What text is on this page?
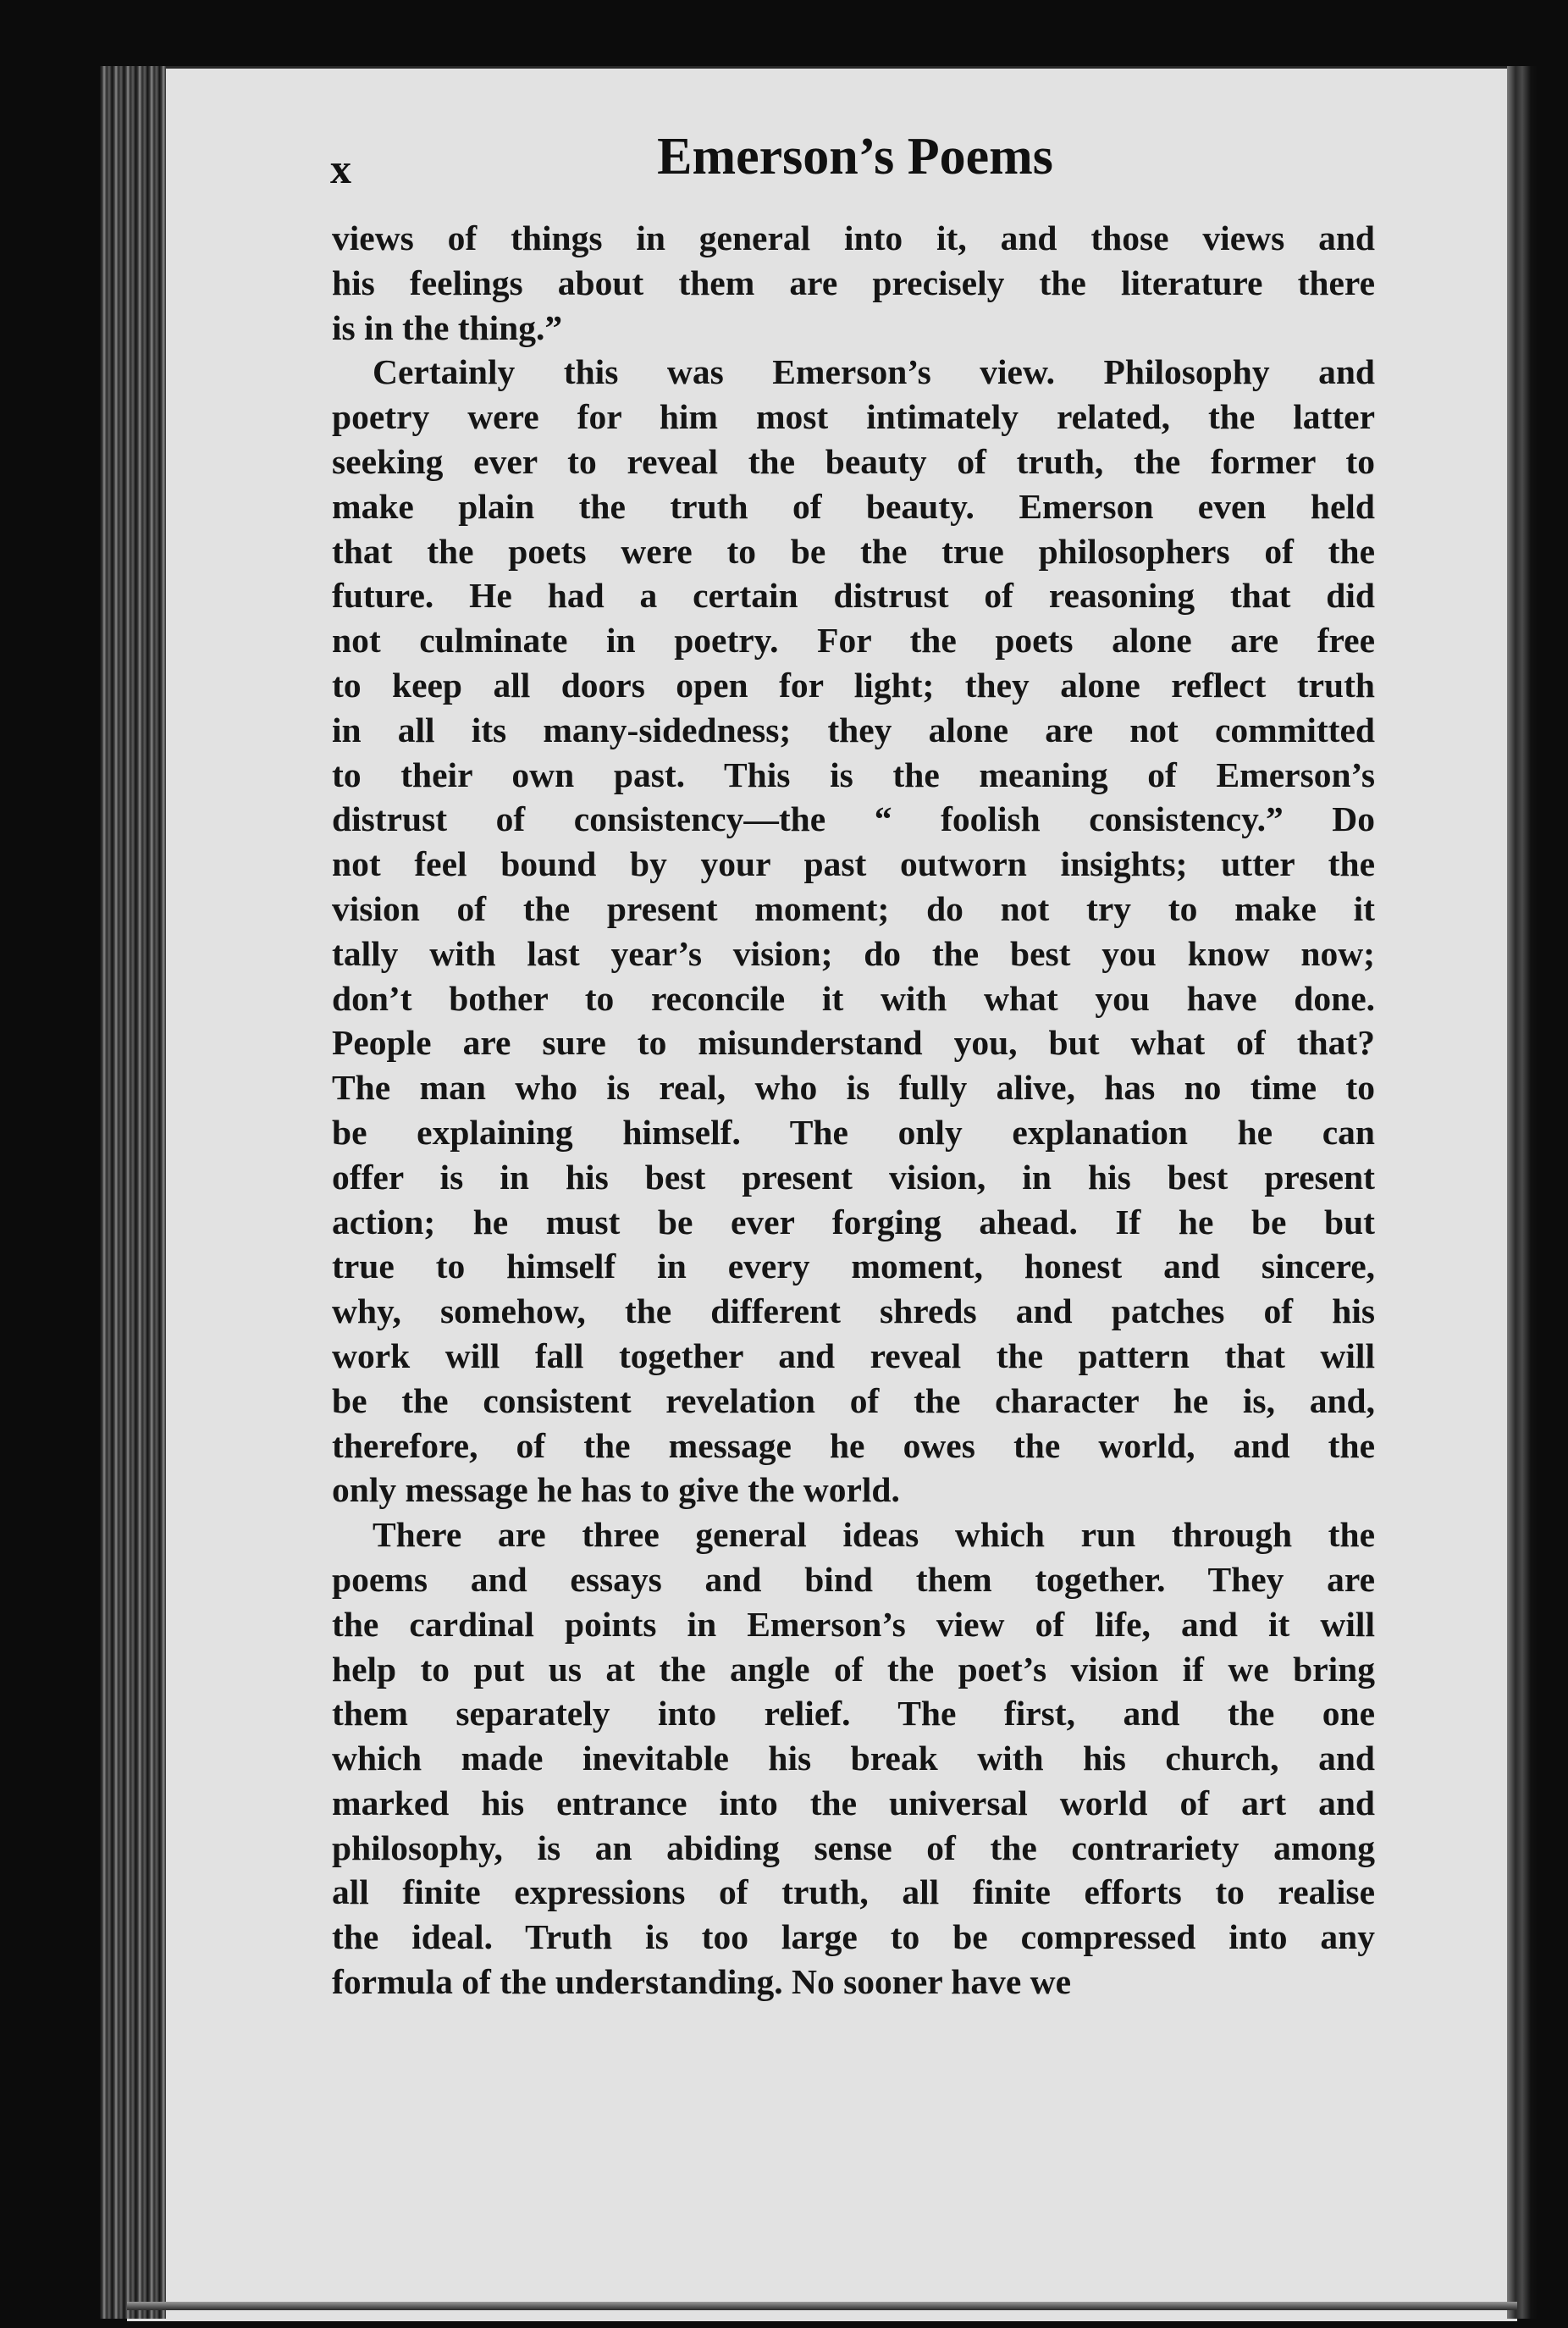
x	Emerson’s Poems
views of things in general into it, and those views and
his feelings about them are precisely the literature there
is in the thing.”
Certainly this was Emerson’s view. Philosophy and
poetry were for him most intimately related, the latter
seeking ever to reveal the beauty of truth, the former to
make plain the truth of beauty. Emerson even held
that the poets were to be the true philosophers of the
future. He had a certain distrust of reasoning that did
not culminate in poetry. For the poets alone are free
to keep all doors open for light; they alone reflect truth
in all its many-sidedness; they alone are not committed
to their own past. This is the meaning of Emerson’s
distrust of consistency—the “ foolish consistency.” Do
not feel bound by your past outworn insights; utter the
vision of the present moment; do not try to make it
tally with last year’s vision; do the best you know now;
don’t bother to reconcile it with what you have done.
People are sure to misunderstand you, but what of that?
The man who is real, who is fully alive, has no time to
be explaining himself. The only explanation he can
offer is in his best present vision, in his best present
action; he must be ever forging ahead. If he be but
true to himself in every moment, honest and sincere,
why, somehow, the different shreds and patches of his
work will fall together and reveal the pattern that will
be the consistent revelation of the character he is, and,
therefore, of the message he owes the world, and the
only message he has to give the world.
There are three general ideas which run through the
poems and essays and bind them together. They are
the cardinal points in Emerson’s view of life, and it will
help to put us at the angle of the poet’s vision if we bring
them separately into relief. The first, and the one
which made inevitable his break with his church, and
marked his entrance into the universal world of art and
philosophy, is an abiding sense of the contrariety among
all finite expressions of truth, all finite efforts to realise
the ideal. Truth is too large to be compressed into any
formula of the understanding. No sooner have we
